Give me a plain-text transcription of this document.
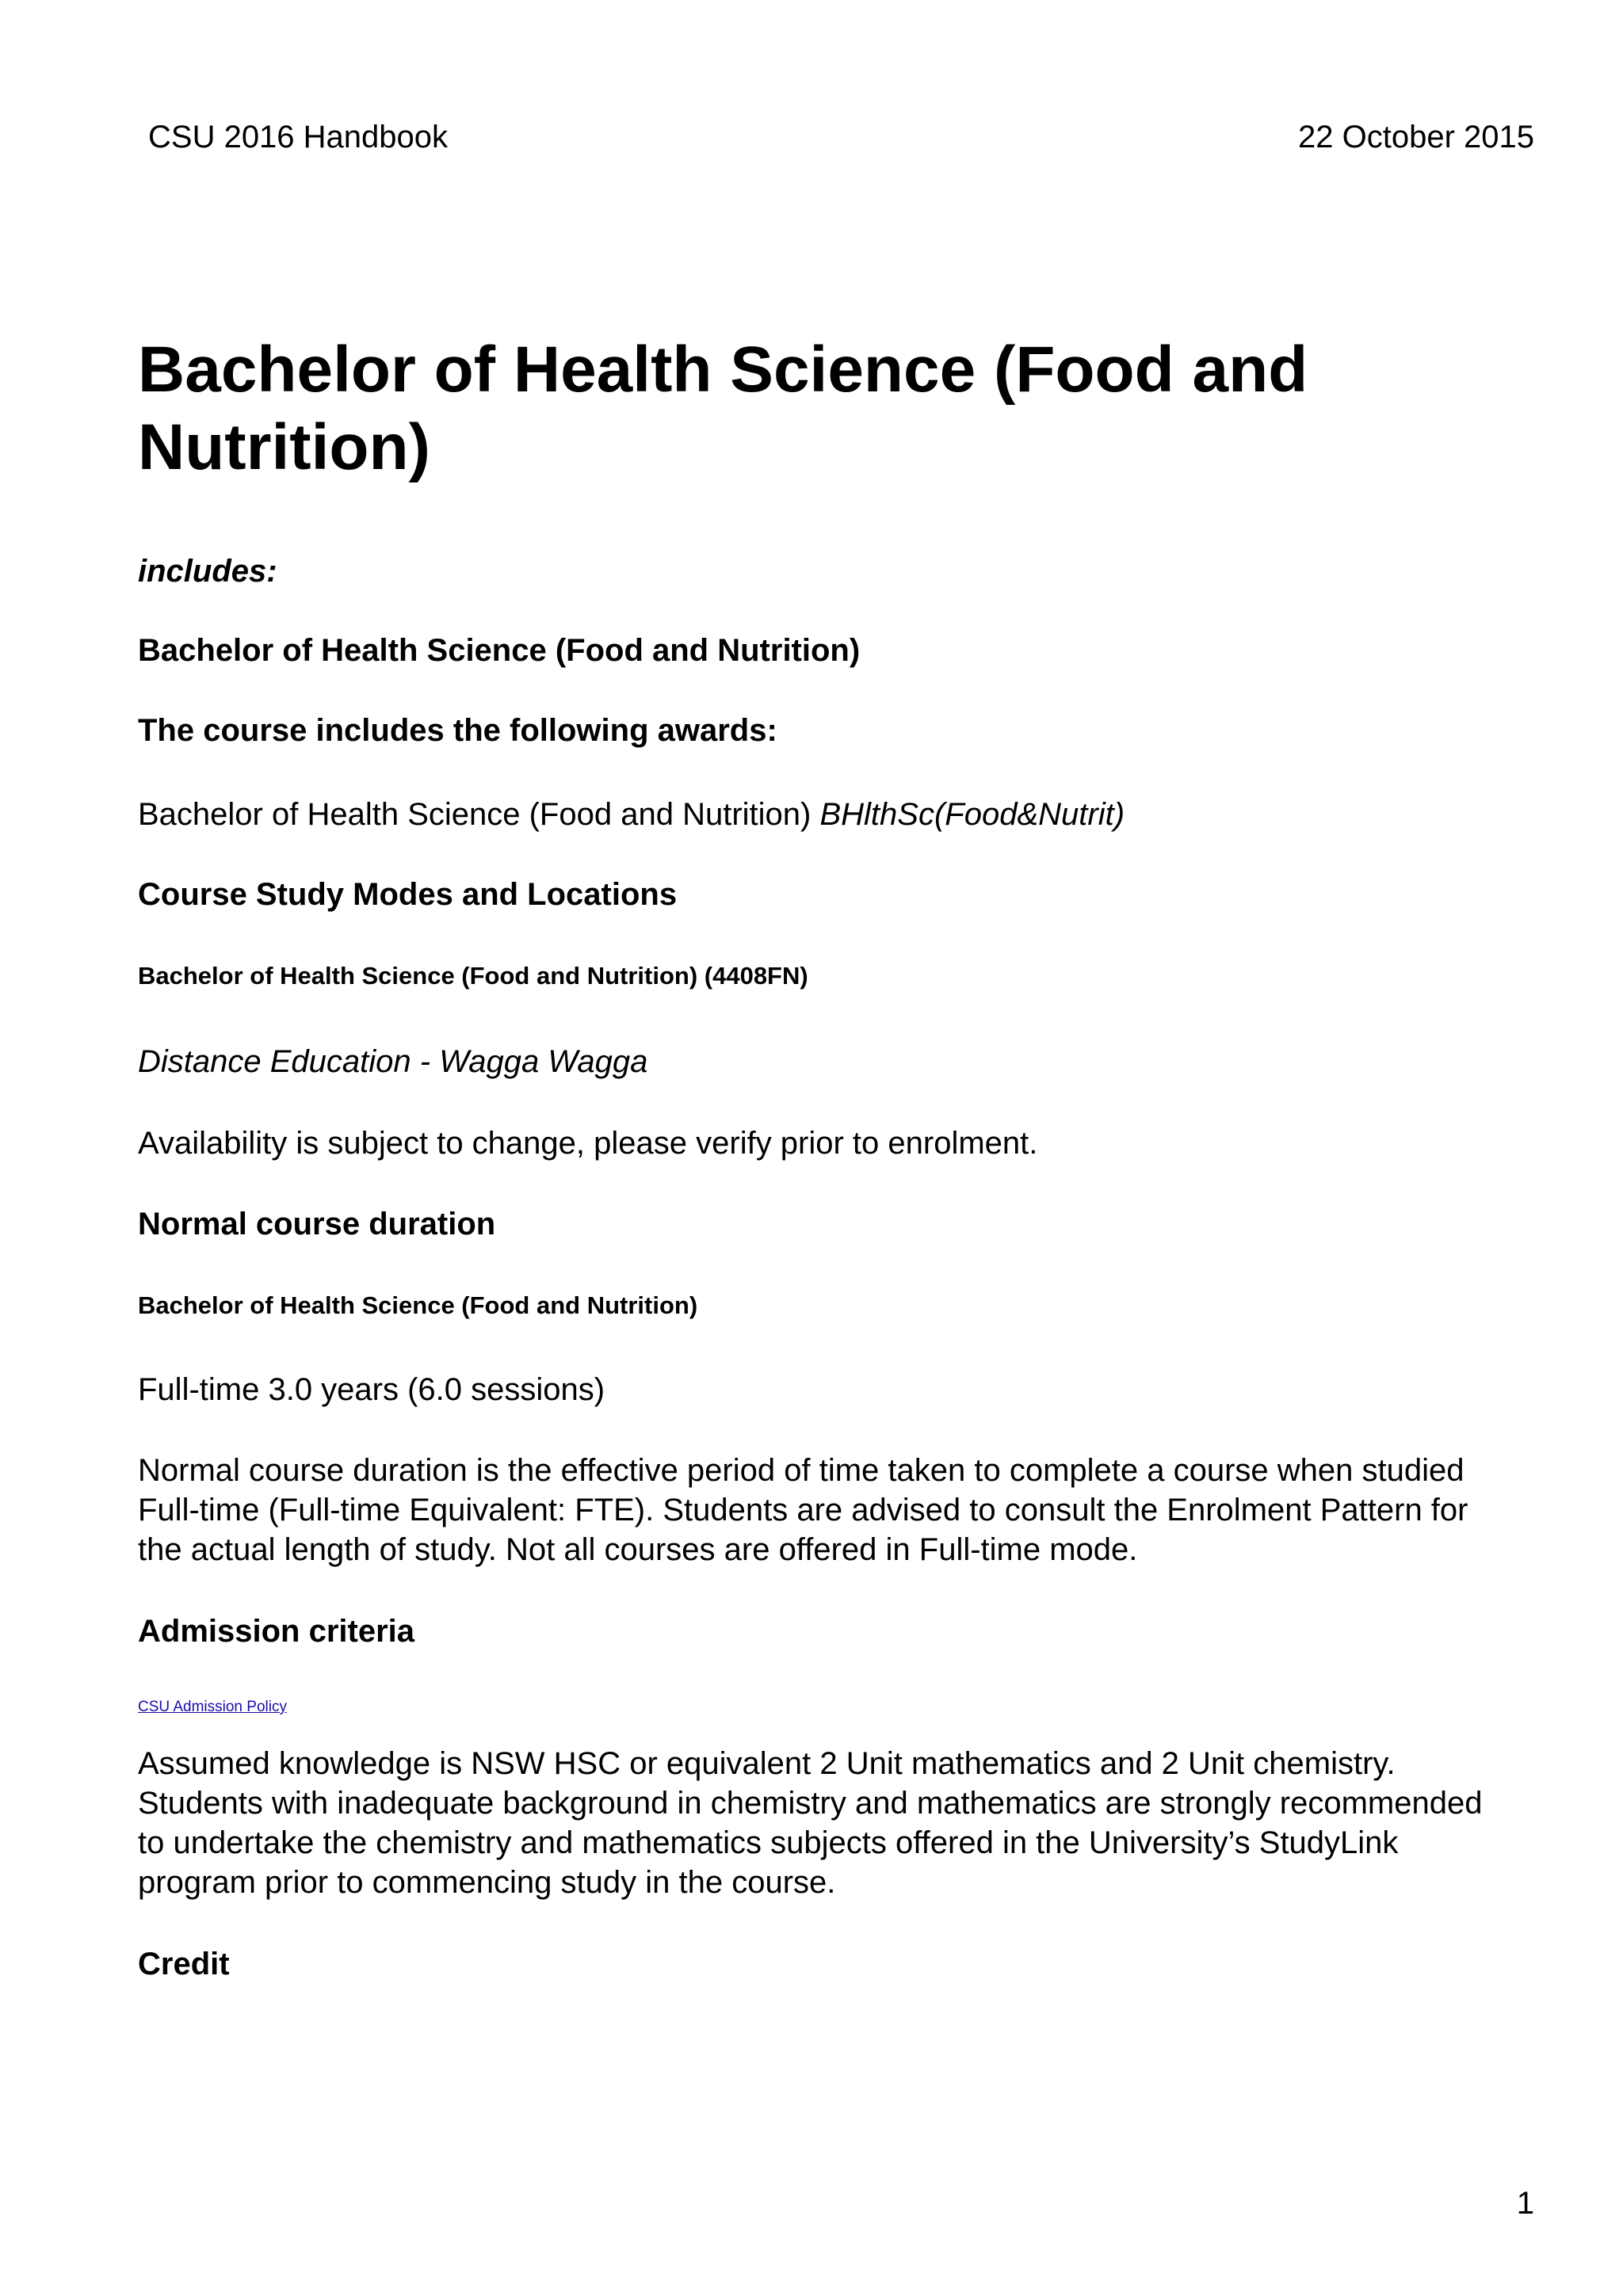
CSU 2016 Handbook	22 October 2015
Bachelor of Health Science (Food and Nutrition)

includes:

Bachelor of Health Science (Food and Nutrition)

The course includes the following awards:

Bachelor of Health Science (Food and Nutrition) BHlthSc(Food&Nutrit)

Course Study Modes and Locations

Bachelor of Health Science (Food and Nutrition) (4408FN)

Distance Education - Wagga Wagga

Availability is subject to change, please verify prior to enrolment.

Normal course duration

Bachelor of Health Science (Food and Nutrition)

Full-time 3.0 years (6.0 sessions)

Normal course duration is the effective period of time taken to complete a course when studied Full-time (Full-time Equivalent: FTE). Students are advised to consult the Enrolment Pattern for the actual length of study. Not all courses are offered in Full-time mode.

Admission criteria

CSU Admission Policy

Assumed knowledge is NSW HSC or equivalent 2 Unit mathematics and 2 Unit chemistry. Students with inadequate background in chemistry and mathematics are strongly recommended to undertake the chemistry and mathematics subjects offered in the University’s StudyLink program prior to commencing study in the course.

Credit

1
